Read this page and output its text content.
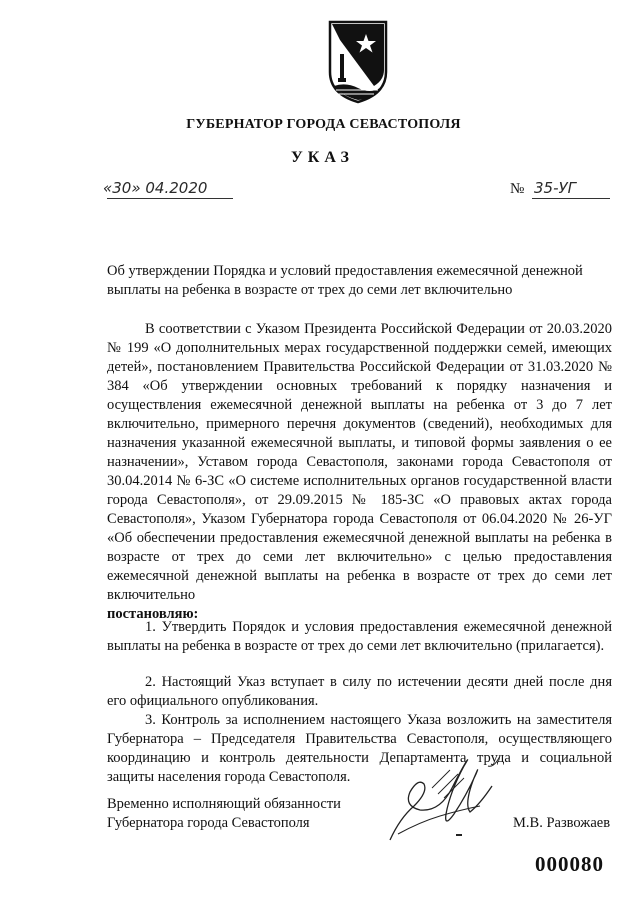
ГУБЕРНАТОР ГОРОДА СЕВАСТОПОЛЯ
УКАЗ
«30» 04.2020	№ 35-УГ

Об утверждении Порядка и условий предоставления ежемесячной денежной выплаты на ребенка в возрасте от трех до семи лет включительно

В соответствии с Указом Президента Российской Федерации от 20.03.2020 № 199 «О дополнительных мерах государственной поддержки семей, имеющих детей», постановлением Правительства Российской Федерации от 31.03.2020 № 384 «Об утверждении основных требований к порядку назначения и осуществления ежемесячной денежной выплаты на ребенка от 3 до 7 лет включительно, примерного перечня документов (сведений), необходимых для назначения указанной ежемесячной выплаты, и типовой формы заявления о ее назначении», Уставом города Севастополя, законами города Севастополя от 30.04.2014 № 6-ЗС «О системе исполнительных органов государственной власти города Севастополя», от 29.09.2015 № 185-ЗС «О правовых актах города Севастополя», Указом Губернатора города Севастополя от 06.04.2020 № 26-УГ «Об обеспечении предоставления ежемесячной денежной выплаты на ребенка в возрасте от трех до семи лет включительно» с целью предоставления ежемесячной денежной выплаты на ребенка в возрасте от трех до семи лет включительно
постановляю:

1. Утвердить Порядок и условия предоставления ежемесячной денежной выплаты на ребенка в возрасте от трех до семи лет включительно (прилагается).

2. Настоящий Указ вступает в силу по истечении десяти дней после дня его официального опубликования.

3. Контроль за исполнением настоящего Указа возложить на заместителя Губернатора – Председателя Правительства Севастополя, осуществляющего координацию и контроль деятельности Департамента труда и социальной защиты населения города Севастополя.

Временно исполняющий обязанности
Губернатора города Севастополя	М.В. Развожаев

000080
